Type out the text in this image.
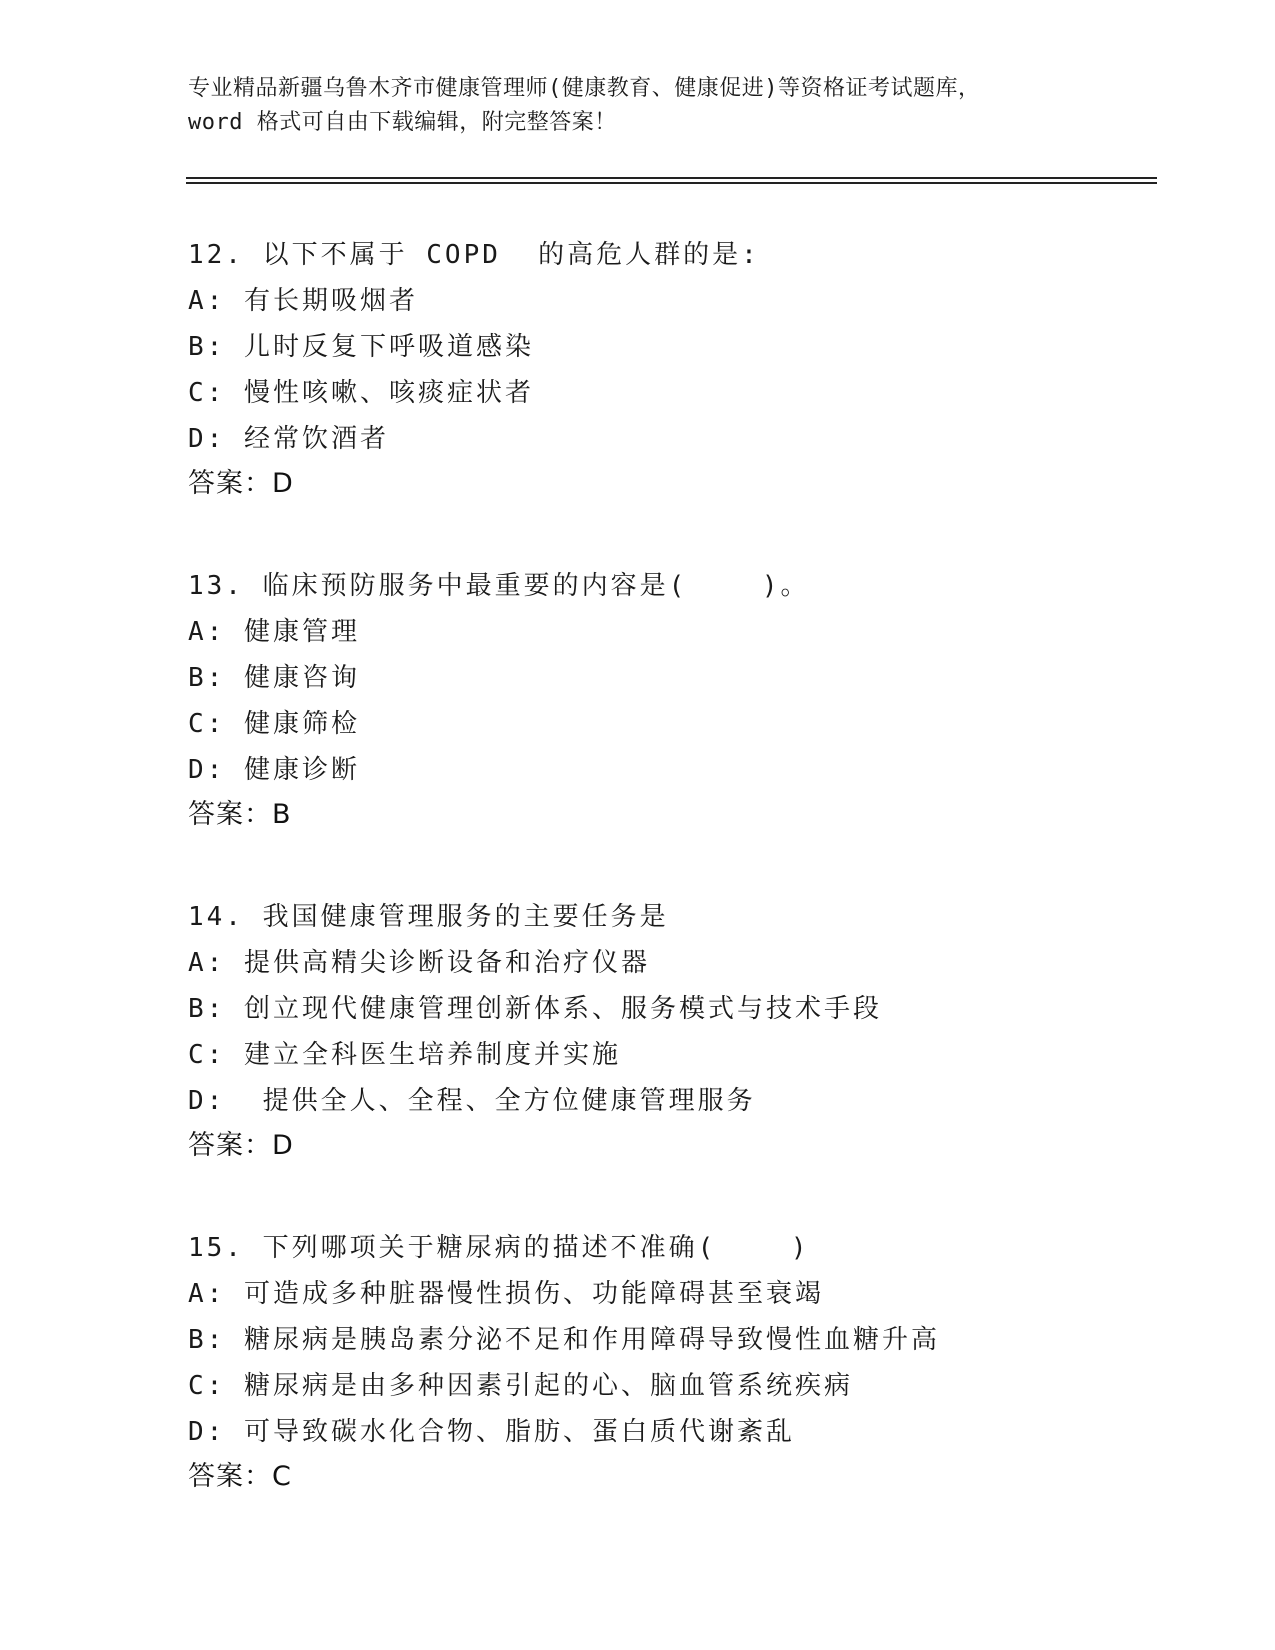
专业精品新疆乌鲁木齐市健康管理师(健康教育、健康促进)等资格证考试题库，

word 格式可自由下载编辑，附完整答案！
12. 以下不属于 COPD  的高危人群的是:
A: 有长期吸烟者
B: 儿时反复下呼吸道感染
C: 慢性咳嗽、咳痰症状者
D: 经常饮酒者
答案：D
13. 临床预防服务中最重要的内容是(    )。
A: 健康管理
B: 健康咨询
C: 健康筛检
D: 健康诊断
答案：B
14. 我国健康管理服务的主要任务是
A: 提供高精尖诊断设备和治疗仪器
B: 创立现代健康管理创新体系、服务模式与技术手段
C: 建立全科医生培养制度并实施
D:  提供全人、全程、全方位健康管理服务
答案：D
15. 下列哪项关于糖尿病的描述不准确(    )
A: 可造成多种脏器慢性损伤、功能障碍甚至衰竭
B: 糖尿病是胰岛素分泌不足和作用障碍导致慢性血糖升高
C: 糖尿病是由多种因素引起的心、脑血管系统疾病
D: 可导致碳水化合物、脂肪、蛋白质代谢紊乱
答案：C
